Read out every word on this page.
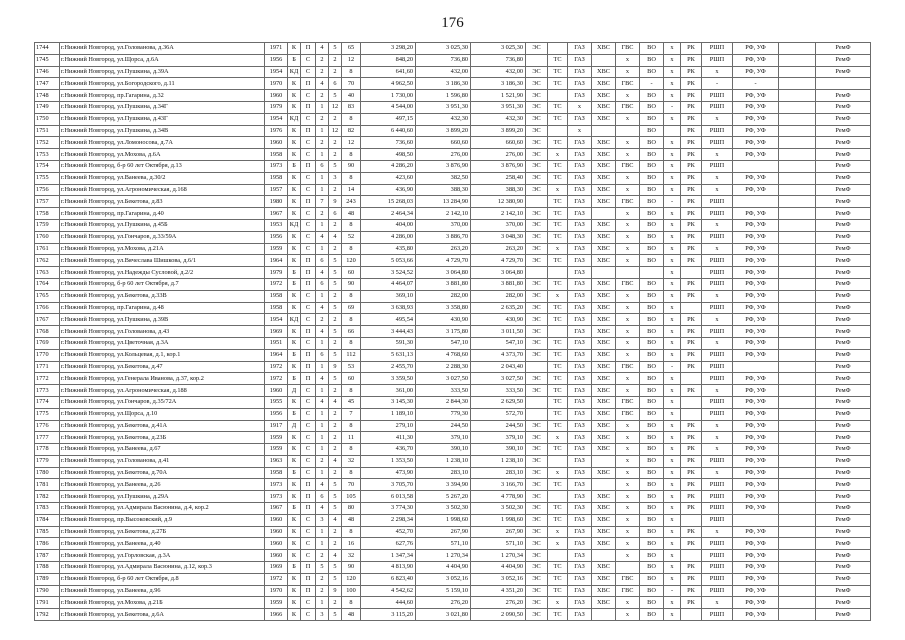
176
1744	г.Нижний Новгород, ул.Голованова, д.36А	1971	К	П	4	5	65	3 298,20	3 025,30	3 025,30	ЭС		ГАЗ	ХВС	ГВС	ВО	х	РК	РШП	РФ, УФ		РемФ
1745	г.Нижний Новгород, ул.Щорса, д.6А	1956	Б	С	2	2	12	848,20	736,80	736,80		ТС	ГАЗ		х	ВО	х	РК	РШП	РФ, УФ		РемФ
1746	г.Нижний Новгород, ул.Пушкина, д.39А	1954	КД	С	2	2	8	641,60	432,00	432,00	ЭС	ТС	ГАЗ	ХВС	х	ВО	х	РК	х	РФ, УФ		РемФ
1747	г.Нижний Новгород, ул.Богородского, д.11	1970	К	П	4	6	70	4 962,50	3 186,30	3 186,30	ЭС	ТС	ГАЗ	ХВС	ГВС	-	х	РК	-	-		
1748	г.Нижний Новгород, пр.Гагарина, д.32	1960	К	С	2	5	40	1 730,00	1 596,80	1 521,90	ЭС		ГАЗ	ХВС	х	ВО	х	РК	РШП	РФ, УФ		РемФ
1749	г.Нижний Новгород, ул.Пушкина, д.34Г	1979	К	П	1	12	83	4 544,00	3 951,30	3 951,30	ЭС	ТС	х	ХВС	ГВС	ВО	-	РК	РШП	РФ, УФ		РемФ
1750	г.Нижний Новгород, ул.Пушкина, д.43Г	1954	КД	С	2	2	8	497,15	432,30	432,30	ЭС	ТС	ГАЗ	ХВС	х	ВО	х	РК	х	РФ, УФ		РемФ
1751	г.Нижний Новгород, ул.Пушкина, д.34В	1976	К	П	1	12	82	6 440,60	3 899,20	3 899,20	ЭС		х			ВО		РК	РШП	РФ, УФ		РемФ
1752	г.Нижний Новгород, ул.Ломоносова, д.7А	1960	К	С	2	2	12	736,60	660,60	660,60	ЭС	ТС	ГАЗ	ХВС	х	ВО	х	РК	РШП	РФ, УФ		РемФ
1753	г.Нижний Новгород, ул.Мохова, д.6А	1958	К	С	1	2	8	498,50	276,00	276,00	ЭС	х	ГАЗ	ХВС	х	ВО	х	РК	х	РФ, УФ		РемФ
1754	г.Нижний Новгород, б-р 60 лет Октября, д.13	1973	Б	П	6	5	90	4 286,20	3 876,90	3 876,90	ЭС	ТС	ГАЗ	ХВС	ГВС	ВО	х	РК	РШП			РемФ
1755	г.Нижний Новгород, ул.Ванеева, д.30/2	1958	К	С	1	3	8	423,60	382,50	258,40	ЭС	ТС	ГАЗ	ХВС	х	ВО	х	РК	х	РФ, УФ		РемФ
1756	г.Нижний Новгород, ул.Агрономическая, д.168	1957	К	С	1	2	14	436,90	388,30	388,30	ЭС	х	ГАЗ	ХВС	х	ВО	х	РК	х	РФ, УФ		РемФ
1757	г.Нижний Новгород, ул.Бекетова, д.83	1980	К	П	7	9	243	15 268,03	13 284,90	12 380,90		ТС	ГАЗ	ХВС	ГВС	ВО	-	РК	РШП			РемФ
1758	г.Нижний Новгород, пр.Гагарина, д.40	1967	К	С	2	6	48	2 464,34	2 142,10	2 142,10	ЭС	ТС	ГАЗ		х	ВО	х	РК	РШП	РФ, УФ		РемФ
1759	г.Нижний Новгород, ул.Пушкина, д.45Б	1953	КД	С	1	2	8	404,00	370,00	370,00	ЭС	ТС	ГАЗ	ХВС	х	ВО	х	РК	х	РФ, УФ		РемФ
1760	г.Нижний Новгород, ул.Гончаров, д.33/59А	1956	К	С	4	4	52	4 286,00	3 886,70	3 048,30	ЭС	ТС	ГАЗ	ХВС	х	ВО	х	РК	РШП	РФ, УФ		РемФ
1761	г.Нижний Новгород, ул.Мохова, д.21А	1959	К	С	1	2	8	435,80	263,20	263,20	ЭС	х	ГАЗ	ХВС	х	ВО	х	РК	х	РФ, УФ		РемФ
1762	г.Нижний Новгород, ул.Вячеслава Шишкова, д.6/1	1964	К	П	6	5	120	5 053,66	4 729,70	4 729,70	ЭС	ТС	ГАЗ	ХВС	х	ВО	х	РК	РШП	РФ, УФ		РемФ
1763	г.Нижний Новгород, ул.Надежды Сусловой, д.2/2	1979	Б	П	4	5	60	3 524,52	3 064,80	3 064,80			ГАЗ				х		РШП	РФ, УФ		РемФ
1764	г.Нижний Новгород, б-р 60 лет Октября, д.7	1972	Б	П	6	5	90	4 464,07	3 881,80	3 881,80	ЭС	ТС	ГАЗ	ХВС	ГВС	ВО	х	РК	РШП	РФ, УФ		РемФ
1765	г.Нижний Новгород, ул.Бекетова, д.33В	1958	К	С	1	2	8	369,10	282,00	282,00	ЭС	х	ГАЗ	ХВС	х	ВО	х	РК	х	РФ, УФ		РемФ
1766	г.Нижний Новгород, пр.Гагарина, д.48	1958	К	С	4	5	69	3 638,93	3 358,80	2 635,20	ЭС	ТС	ГАЗ	ХВС	х	ВО	х		РШП	РФ, УФ		РемФ
1767	г.Нижний Новгород, ул.Пушкина, д.39В	1954	КД	С	2	2	8	495,54	430,90	430,90	ЭС	ТС	ГАЗ	ХВС	х	ВО	х	РК	х	РФ, УФ		РемФ
1768	г.Нижний Новгород, ул.Голованова, д.43	1969	К	П	4	5	66	3 444,43	3 175,80	3 011,50	ЭС		ГАЗ	ХВС	х	ВО	х	РК	РШП	РФ, УФ		РемФ
1769	г.Нижний Новгород, ул.Цветочная, д.3А	1951	К	С	1	2	8	591,30	547,10	547,10	ЭС	ТС	ГАЗ	ХВС	х	ВО	х	РК	х	РФ, УФ		РемФ
1770	г.Нижний Новгород, ул.Кольцевая, д.1, кор.1	1964	Б	П	6	5	112	5 631,13	4 768,60	4 373,70	ЭС	ТС	ГАЗ	ХВС	х	ВО	х	РК	РШП	РФ, УФ		РемФ
1771	г.Нижний Новгород, ул.Бекетова, д.47	1972	К	П	1	9	53	2 455,70	2 288,30	2 043,40		ТС	ГАЗ	ХВС	ГВС	ВО	-	РК	РШП			РемФ
1772	г.Нижний Новгород, ул.Генерала Иванова, д.37, кор.2	1972	Б	П	4	5	60	3 359,50	3 027,50	3 027,50	ЭС	ТС	ГАЗ	ХВС	х	ВО	х		РШП	РФ, УФ		РемФ
1773	г.Нижний Новгород, ул.Агрономическая, д.188	1960	Д	С	1	2	8	361,00	333,50	333,50	ЭС	ТС	ГАЗ	ХВС	х	ВО	х	РК	х	РФ, УФ		РемФ
1774	г.Нижний Новгород, ул.Гончаров, д.35/72А	1955	К	С	4	4	45	3 145,30	2 844,30	2 629,50		ТС	ГАЗ	ХВС	ГВС	ВО	х		РШП	РФ, УФ		РемФ
1775	г.Нижний Новгород, ул.Щорса, д.10	1956	Б	С	1	2	7	1 189,10	779,30	572,70		ТС	ГАЗ	ХВС	ГВС	ВО	х		РШП	РФ, УФ		РемФ
1776	г.Нижний Новгород, ул.Бекетова, д.41А	1917	Д	С	1	2	8	279,10	244,50	244,50	ЭС	ТС	ГАЗ	ХВС	х	ВО	х	РК	х	РФ, УФ		РемФ
1777	г.Нижний Новгород, ул.Бекетова, д.23Б	1959	К	С	1	2	11	411,30	379,10	379,10	ЭС	х	ГАЗ	ХВС	х	ВО	х	РК	х	РФ, УФ		РемФ
1778	г.Нижний Новгород, ул.Ванеева, д.67	1959	К	С	1	2	8	436,70	390,10	390,10	ЭС	ТС	ГАЗ	ХВС	х	ВО	х	РК	х	РФ, УФ		РемФ
1779	г.Нижний Новгород, ул.Голованова, д.41	1963	К	С	2	4	32	1 353,50	1 238,10	1 238,10	ЭС		ГАЗ		х	ВО	х	РК	РШП	РФ, УФ		РемФ
1780	г.Нижний Новгород, ул.Бекетова, д.70А	1958	Б	С	1	2	8	473,90	283,10	283,10	ЭС	х	ГАЗ	ХВС	х	ВО	х	РК	х	РФ, УФ		РемФ
1781	г.Нижний Новгород, ул.Ванеева, д.26	1973	К	П	4	5	70	3 705,70	3 394,90	3 166,70	ЭС	ТС	ГАЗ		х	ВО	х	РК	РШП	РФ, УФ		РемФ
1782	г.Нижний Новгород, ул.Пушкина, д.29А	1973	К	П	6	5	105	6 013,58	5 267,20	4 778,90	ЭС		ГАЗ	ХВС	х	ВО	х	РК	РШП	РФ, УФ		РемФ
1783	г.Нижний Новгород, ул.Адмирала Васюнина, д.4, кор.2	1967	Б	П	4	5	80	3 774,30	3 502,30	3 502,30	ЭС	ТС	ГАЗ	ХВС	х	ВО	х	РК	РШП	РФ, УФ		РемФ
1784	г.Нижний Новгород, пр.Высоковский, д.9	1960	К	С	3	4	48	2 298,34	1 998,60	1 998,60	ЭС	ТС	ГАЗ	ХВС	х	ВО	х		РШП			РемФ
1785	г.Нижний Новгород, ул.Бекетова, д.27Б	1960	К	С	1	2	8	452,70	267,90	267,90	ЭС	х	ГАЗ	ХВС	х	ВО	х	РК	х	РФ, УФ		РемФ
1786	г.Нижний Новгород, ул.Ванеева, д.40	1960	К	С	1	2	16	627,76	571,10	571,10	ЭС	х	ГАЗ	ХВС	х	ВО	х	РК	РШП	РФ, УФ		РемФ
1787	г.Нижний Новгород, ул.Горловская, д.3А	1960	К	С	2	4	32	1 347,34	1 270,34	1 270,34	ЭС		ГАЗ		х	ВО	х		РШП	РФ, УФ		РемФ
1788	г.Нижний Новгород, ул.Адмирала Васюнина, д.12, кор.3	1969	Б	П	5	5	90	4 813,90	4 404,90	4 404,90	ЭС	ТС	ГАЗ	ХВС		ВО	х	РК	РШП	РФ, УФ		РемФ
1789	г.Нижний Новгород, б-р 60 лет Октября, д.8	1972	К	П	2	5	120	6 823,40	3 052,16	3 052,16	ЭС	ТС	ГАЗ	ХВС	ГВС	ВО	х	РК	РШП	РФ, УФ		РемФ
1790	г.Нижний Новгород, ул.Ванеева, д.96	1970	К	П	2	9	100	4 542,62	5 159,10	4 351,20	ЭС	ТС	ГАЗ	ХВС	ГВС	ВО	-	РК	РШП	РФ, УФ		РемФ
1791	г.Нижний Новгород, ул.Мохова, д.21Б	1959	К	С	1	2	8	444,60	276,20	276,20	ЭС	х	ГАЗ	ХВС	х	ВО	х	РК	х	РФ, УФ		РемФ
1792	г.Нижний Новгород, ул.Бекетова, д.6А	1966	К	С	3	5	48	3 115,20	3 021,80	2 090,50	ЭС	ТС	ГАЗ		х	ВО	х		РШП	РФ, УФ		РемФ
